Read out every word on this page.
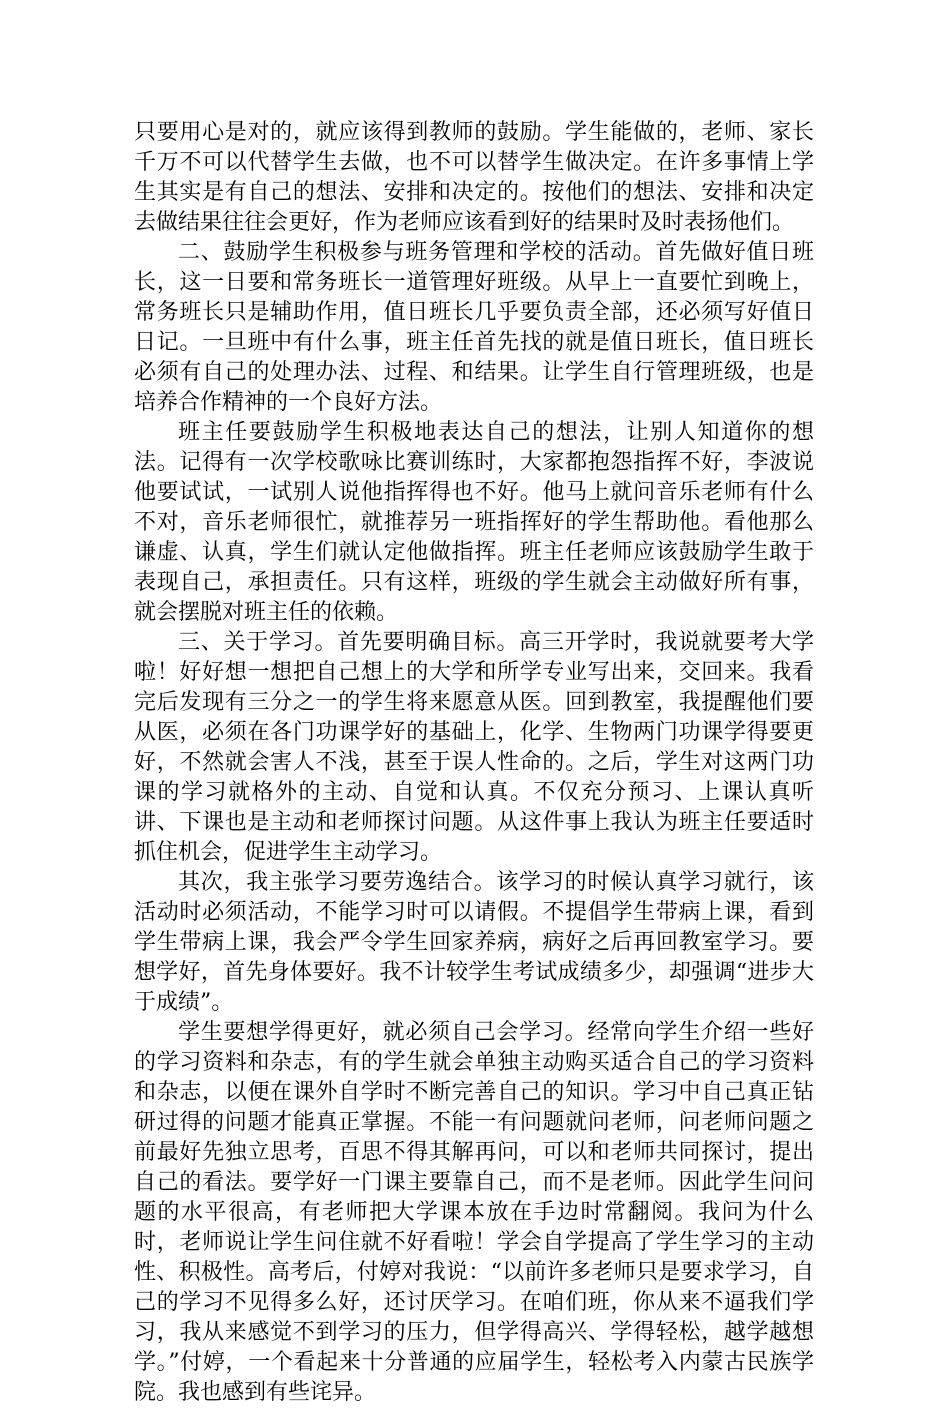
只要用心是对的，就应该得到教师的鼓励。学生能做的，老师、家长千万不可以代替学生去做，也不可以替学生做决定。在许多事情上学生其实是有自己的想法、安排和决定的。按他们的想法、安排和决定去做结果往往会更好，作为老师应该看到好的结果时及时表扬他们。

二、鼓励学生积极参与班务管理和学校的活动。首先做好值日班长，这一日要和常务班长一道管理好班级。从早上一直要忙到晚上，常务班长只是辅助作用，值日班长几乎要负责全部，还必须写好值日日记。一旦班中有什么事，班主任首先找的就是值日班长，值日班长必须有自己的处理办法、过程、和结果。让学生自行管理班级，也是培养合作精神的一个良好方法。

班主任要鼓励学生积极地表达自己的想法，让别人知道你的想法。记得有一次学校歌咏比赛训练时，大家都抱怨指挥不好，李波说他要试试，一试别人说他指挥得也不好。他马上就问音乐老师有什么不对，音乐老师很忙，就推荐另一班指挥好的学生帮助他。看他那么谦虚、认真，学生们就认定他做指挥。班主任老师应该鼓励学生敢于表现自己，承担责任。只有这样，班级的学生就会主动做好所有事，就会摆脱对班主任的依赖。

三、关于学习。首先要明确目标。高三开学时，我说就要考大学啦！好好想一想把自己想上的大学和所学专业写出来，交回来。我看完后发现有三分之一的学生将来愿意从医。回到教室，我提醒他们要从医，必须在各门功课学好的基础上，化学、生物两门功课学得要更好，不然就会害人不浅，甚至于误人性命的。之后，学生对这两门功课的学习就格外的主动、自觉和认真。不仅充分预习、上课认真听讲、下课也是主动和老师探讨问题。从这件事上我认为班主任要适时抓住机会，促进学生主动学习。

其次，我主张学习要劳逸结合。该学习的时候认真学习就行，该活动时必须活动，不能学习时可以请假。不提倡学生带病上课，看到学生带病上课，我会严令学生回家养病，病好之后再回教室学习。要想学好，首先身体要好。我不计较学生考试成绩多少，却强调“进步大于成绩”。

学生要想学得更好，就必须自己会学习。经常向学生介绍一些好的学习资料和杂志，有的学生就会单独主动购买适合自己的学习资料和杂志，以便在课外自学时不断完善自己的知识。学习中自己真正钻研过得的问题才能真正掌握。不能一有问题就问老师，问老师问题之前最好先独立思考，百思不得其解再问，可以和老师共同探讨，提出自己的看法。要学好一门课主要靠自己，而不是老师。因此学生问问题的水平很高，有老师把大学课本放在手边时常翻阅。我问为什么时，老师说让学生问住就不好看啦！学会自学提高了学生学习的主动性、积极性。高考后，付婷对我说：“以前许多老师只是要求学习，自己的学习不见得多么好，还讨厌学习。在咱们班，你从来不逼我们学习，我从来感觉不到学习的压力，但学得高兴、学得轻松，越学越想学。”付婷，一个看起来十分普通的应届学生，轻松考入内蒙古民族学院。我也感到有些诧异。
